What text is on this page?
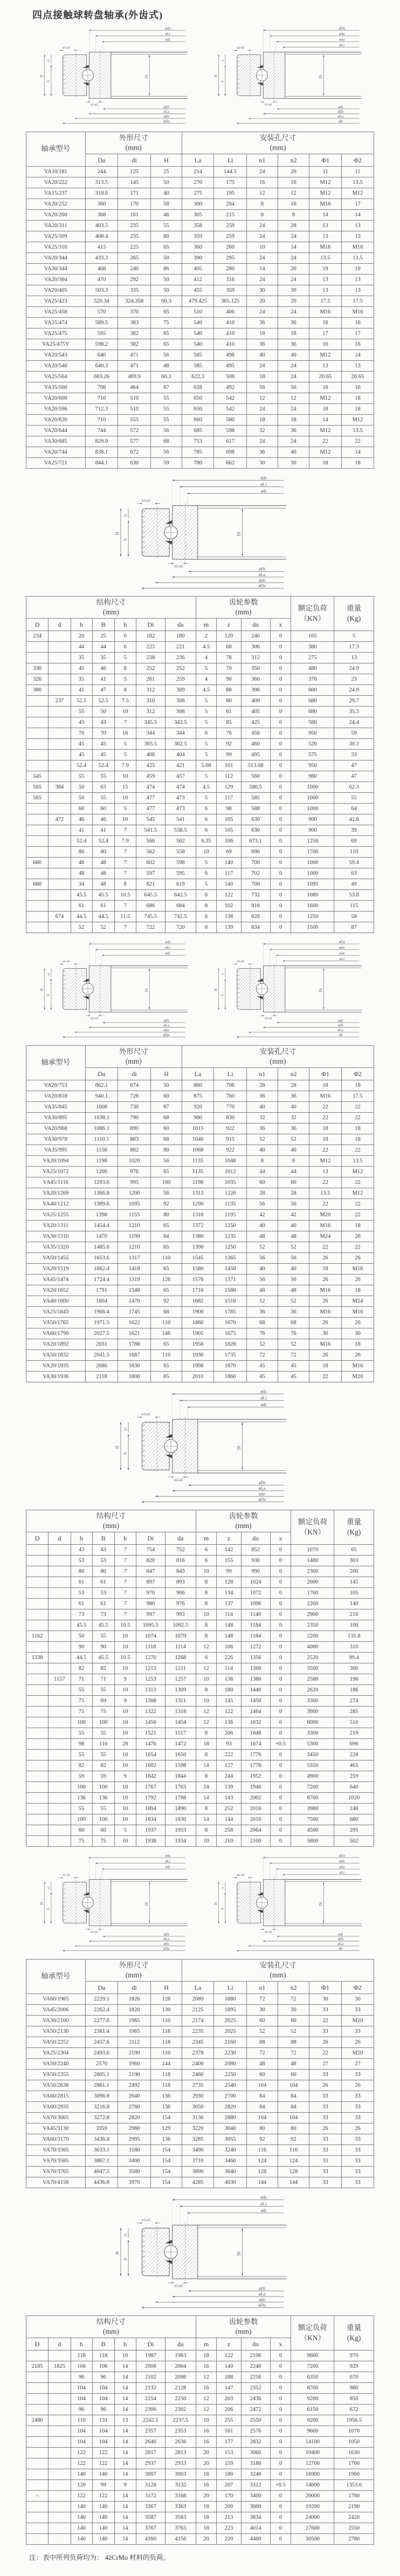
四点接触球转盘轴承(外齿式)
øda
øLi
ødi
n1-ø1
H
b
h1
Di
n2-ø2
øDi
øLa
ødo
øDa
øDa
ødo
øda
øLi
n2-ø2
H
b
h
Di
n1-ø1
ødi
øDi
øLa
øb
轴承型号	外形尺寸
(mm)			安装孔尺寸
(mm)					
	Da	di	H	La	Li	n1	n2	Φ1	Φ2
VA10/181	244	125	25	214	144.5	24	20	11	11
VA20/222	313.5	145	50	270	175	16	16	M12	13.5
VA15/237	318.6	171	40	275	195	12	12	M12	M12
VA20/252	360	170	58	300	204	8	16	M16	17
VA20/260	368	161	46	305	215	8	8	14	14
VA20/311	403.5	235	55	358	259	24	28	13	13
VA25/309	408.4	235	60	359	259	24	24	13	13
VA25/310	415	225	65	360	260	10	14	M16	M16
VA20/344	433.3	265	50	390	295	24	24	13.5	13.5
VA30/344	468	240	86	405	280	14	20	19	19
VA20/364	470	292	50	412	316	24	24	13	13
VA20/405	503.3	335	50	455	359	30	30	13	13
VA25/423	520.34	324.358	60.3	479.425	365.125	20	20	17.5	17.5
VA25/458	570	370	65	510	406	24	24	M16	M16
VA25/474	589.5	383	75	540	410	36	36	16	16
VA25/475	595	382	65	540	410	18	18	17	17
VA25/475Y	598.2	382	65	540	410	36	36	16	16
VA20/543	640	471	56	585	498	40	40	M12	14
VA20/540	640.3	471	48	585	495	24	24	13	13
VA25/564	683.26	469.9	60.3	622.3	508	18	24	20.65	20.65
VA35/560	708	464	87	628	492	56	56	16	16
VA20/600	710	510	55	650	542	12	12	M12	18
VA20/596	712.3	510	55	650	542	24	24	18	18
VA20/620	710	555	55	660	580	18	18	14	M12
VA20/644	744	572	56	685	598	32	36	M12	13.5
VA30/685	829.9	577	68	753	617	24	24	22	22
VA20/744	838.1	672	56	785	698	36	40	M12	14
VA25/721	844.1	630	59	780	662	30	30	18	18
øda
øLi
ødi
n1-ø1
H
b
h1
Di
n2-ø2
øDi
øLa
ødo
øDa
结构尺寸
(mm)							齿轮参数
(mm)				额定负荷
（KN）	重量
(Kg)
D	d	b	B	h	Di	da	m	z	do	x		
234		20	25	0	182	180	2	120	240	0	165	5
		44	44	6	223	221	4.5	68	306	0	380	17.3
		35	35	5	238	236	4	78	312	0	275	13
330		45	46	8	252	252	5	70	350	0	480	24.9
326		35	41	5	261	259	4	90	360	0	370	23
380		41	47	8	312	309	4.5	88	396	0	600	24.9
	237	52.5	52.5	7.5	310	308	5	80	400	0	680	29.7
		55	50	10	312	308	5	81	405	0	680	35.3
		43	43	7	345.5	342.5	5	85	425	0	580	24.4
		70	70	16	344	344	6	76	456	0	950	59
		45	45	5	365.5	362.5	5	92	460	0	520	30.3
		45	45	5	406	404	5	99	495	0	575	33
		52.4	52.4	7.9	425	421	5.08	101	513.08	0	950	47
545		55	55	10	459	457	5	112	560	0	980	47
565	384	50	63	15	474	474	4.5	129	580.5	0	1000	62.3
565		50	55	10	477	473	5	117	585	0	1000	55
		60	60	5	477	473	6	98	588	0	1000	64
	472	46	46	10	545	541	6	105	630	0	900	42.6
		41	41	7	541.5	538.5	6	105	630	0	900	39
		52.4	52.4	7.9	566	562	6.35	106	673.1	0	1250	69
		80	80	7	562	558	10	69	690	0	1700	110
680		48	48	7	602	598	5	140	700	0	1000	59.4
		48	48	7	597	595	6	117	702	0	1000	63
680		34	48	8	621	619	5	140	700	0	1095	49
		45.5	45.5	10.5	645.5	642.5	6	122	732	0	1080	53.8
		61	61	7	686	684	8	102	816	0	1600	115
	674	44.5	44.5	11.5	745.5	742.5	6	138	828	0	1250	58
		52	52	7	722	720	6	139	834	0	1500	87
øda
øLi
ødi
n1-ø1
H
b
h1
Di
n2-ø2
øDi
øLa
ødo
øDa
øDa
ødo
øda
øLi
n2-ø2
H
b
h
Di
n1-ø1
ødi
øDi
øLa
øb
轴承型号	外形尺寸
(mm)			安装孔尺寸
(mm)					
	Da	di	H	La	Li	n1	n2	Φ1	Φ2
VA20/753	862.1	674	50	800	706	28	28	18	18
VA20/818	940.1	728	60	875	760	36	36	M16	17.5
VA35/845	1008	730	87	920	770	40	40	22	22
VA30/895	1038.1	790	68	960	830	32	32	22	22
VA20/968	1086.1	890	60	1015	922	36	36	18	18
VA30/978	1110.1	883	68	1040	915	52	52	18	18
VA35/995	1158	882	80	1068	922	40	40	22	22
VA20/1094	1198	1020	56	1135	1048	8	8	M12	13.5
VA25/1072	1200	976	65	1135	1012	44	44	13	M12
VA45/1116	1293.6	995	100	1198	1035	60	60	22	22
VA20/1269	1366.8	1200	56	1313	1226	28	28	13.5	M12
VA40/1212	1389.6	1095	92	1290	1135	56	56	22	22
VA25/1255	1398	1155	80	1316	1195	42	42	M20	22
VA20/1311	1454.4	1210	65	1372	1250	40	40	M16	18
VA30/1310	1470	1190	84	1380	1235	48	48	M24	26
VA35/1320	1485.6	1210	85	1390	1250	52	52	22	22
VA50/1455	1653.6	1317	110	1545	1365	56	56	26	26
VA20/1519	1662.4	1418	65	1580	1458	40	40	18	M16
VA45/1474	1724.4	1319	126	1576	1371	56	56	26	26
VA20/1652	1791	1548	65	1716	1588	48	48	M16	18
VA40/1600	1804	1470	92	1682	1518	52	52	26	M24
VA25/1843	1966.4	1745	68	1900	1785	36	36	M16	M16
VA50/1765	1971.5	1622	110	1860	1670	68	68	26	26
VA60/1790	2027.5	1621	146	1905	1675	76	76	30	30
VA20/1892	2031	1788	65	1956	1828	52	52	M16	18
VA50/1832	2041.5	1687	110	1930	1735	72	72	26	26
VA20/1935	2080	1830	65	1998	1870	45	45	18	M16
VA30/1936	2118	1800	85	2010	1860	45	45	22	M20
øda
øLi
ødi
n1-ø1
H
b
h1
Di
n2-ø2
øDi
øLa
ødo
øDa
结构尺寸
(mm)							齿轮参数
(mm)				额定负荷
（KN）	重量
(Kg)
D	d	b	B	h	Di	da	m	z	do	x		
		43	43	7	754	752	6	142	852	0	1070	65
		53	53	7	820	816	6	155	930	0	1480	303
		80	80	7	847	843	10	99	990	0	2300	200
		61	61	7	897	893	8	128	1024	0	2000	145
		53	53	7	970	966	8	134	1072	0	1760	105
		61	61	7	980	976	8	137	1096	0	2260	140
		73	73	7	997	993	10	114	1140	0	2900	210
		45.5	45.5	10.5	1095.5	1092.5	8	148	1184	0	2350	100
1162		50	55	10	1074	1070	8	148	1184	0	2200	135.8
		90	90	10	1118	1114	12	106	1272	0	4000	310
1338		44.5	45.5	10.5	1270	1268	6	226	1356	0	2520	99.4
		82	82	10	1213	1211	12	114	1368	0	3500	300
	1157	71	71	9	1253	1257	10	138	1380	0	2580	196
		55	55	10	1313	1309	8	180	1440	0	2620	186
		75	69	9	1308	1311	10	145	1450	0	3300	274
		75	75	10	1322	1318	12	122	1464	0	3900	285
		100	100	10	1456	1454	12	136	1632	0	6000	510
		55	55	10	1521	1517	8	206	1648	0	3300	219
		98	116	28	1476	1472	18	93	1674	+0.5	5300	696
		55	55	10	1654	1650	8	222	1776	0	3450	228
		82	82	10	1602	1598	14	127	1778	0	5350	465
		59	59	9	1842	1844	8	244	1952	0	4900	259
		100	100	10	1767	1763	14	139	1946	0	7200	640
		136	136	10	1792	1788	14	143	2002	0	8700	1020
		55	55	10	1894	1890	8	252	2016	0	3980	248
		100	100	10	1834	1830	14	144	2016	0	7500	680
		60	60	5	1937	1933	8	258	2064	0	4500	295
		75	75	10	1938	1934	10	210	2100	0	5800	502
øda
øLi
ødi
n1-ø1
H
b
h1
Di
n2-ø2
øDi
øLa
ødo
øDa
øDa
ødo
øda
øLi
n2-ø2
H
b
h
Di
n1-ø1
ødi
øDi
øLa
øb
轴承型号	外形尺寸
(mm)			安装孔尺寸
(mm)					
	Da	di	H	La	Li	n1	n2	Φ1	Φ2
VA60/1985	2229.1	1826	128	2089	1880	72	72	30	30
VA45/2006	2262.4	1820	130	2125	1895	30	30	33	33
VA30/2100	2277.6	1965	110	2174	2025	60	60	22	M20
VA50/2130	2381.4	1965	118	2235	2025	52	52	33	33
VA50/2252	2457.6	2112	118	2345	2160	88	88	26	26
VA25/2304	2493.6	2190	110	2378	2230	72	72	22	M20
VA50/2240	2570	1960	144	2400	2080	48	48	27	27
VA50/2355	2605.1	2190	118	2460	2250	60	60	33	33
VA50/2638	2861.1	2492	118	2735	2540	104	104	26	26
VA60/2815	3096.8	2640	136	2930	2700	84	84	33	33
VA60/2935	3216.8	2760	136	3050	2820	84	84	33	33
VA70/3005	3272.8	2820	154	3130	2880	104	104	33	33
VA45/3130	3359	2980	129	3220	3040	80	80	26	26
VA60/3170	3436.8	2995	136	3285	3055	92	92	33	33
VA70/3365	3633.1	3180	154	3490	3240	116	116	33	33
VA70/3585	3867.1	3400	154	3710	3460	124	124	33	33
VA70/3765	4047.5	3580	154	3890	3640	128	128	33	33
VA70/4158	4436.8	3970	154	4285	4030	144	144	33	33
øda
øLi
ødi
n1-ø1
H
b
h1
Di
n2-ø2
øDi
øLa
ødo
øDa
结构尺寸
(mm)							齿轮参数
(mm)				额定负荷
（KN）	重量
(Kg)
D	d	b	B	h	Di	da	m	z	do	x		
		118	118	10	1987	1983	18	122	2196	0	9600	970
2185	1825	106	106	14	2008	2004	16	140	2240	0	7200	929
		96	96	14	2102	2098	12	188	2256	0	6350	670
		104	104	14	2132	2128	16	147	2352	0	8700	980
		104	104	14	2254	2250	12	203	2436	0	9200	850
		96	96	14	2306	2302	12	206	2472	0	6150	672
2480		110	131	13	2242.5	2237.5	10	255	2550	0	9200	1956.5
		104	104	14	2357	2353	16	161	2576	0	9600	1070
		104	104	14	2640	2636	16	177	2832	0	14100	1050
		122	122	14	2817	2813	20	153	3060	0	10400	1630
		122	122	14	2937	2933	20	159	3180	0	12700	1700
		140	140	14	3007	3003	18	180	3240	0	16900	1960
		120	99	9	3128	3132	16	207	3312	+0.5	14600	1353.6
–		122	122	14	3172	3168	20	170	3400	0	20000	1760
		140	140	14	3367	3363	18	200	3600	0	19200	2190
		140	140	14	3587	3583	18	213	3834	0	24000	2420
		140	140	14	3767	3763	18	223	4014	0	27600	2550
		140	140	14	4160	4156	20	220	4400	0	30500	2780

注：表中所列负荷均为： 42CrMo 材料的负荷。
